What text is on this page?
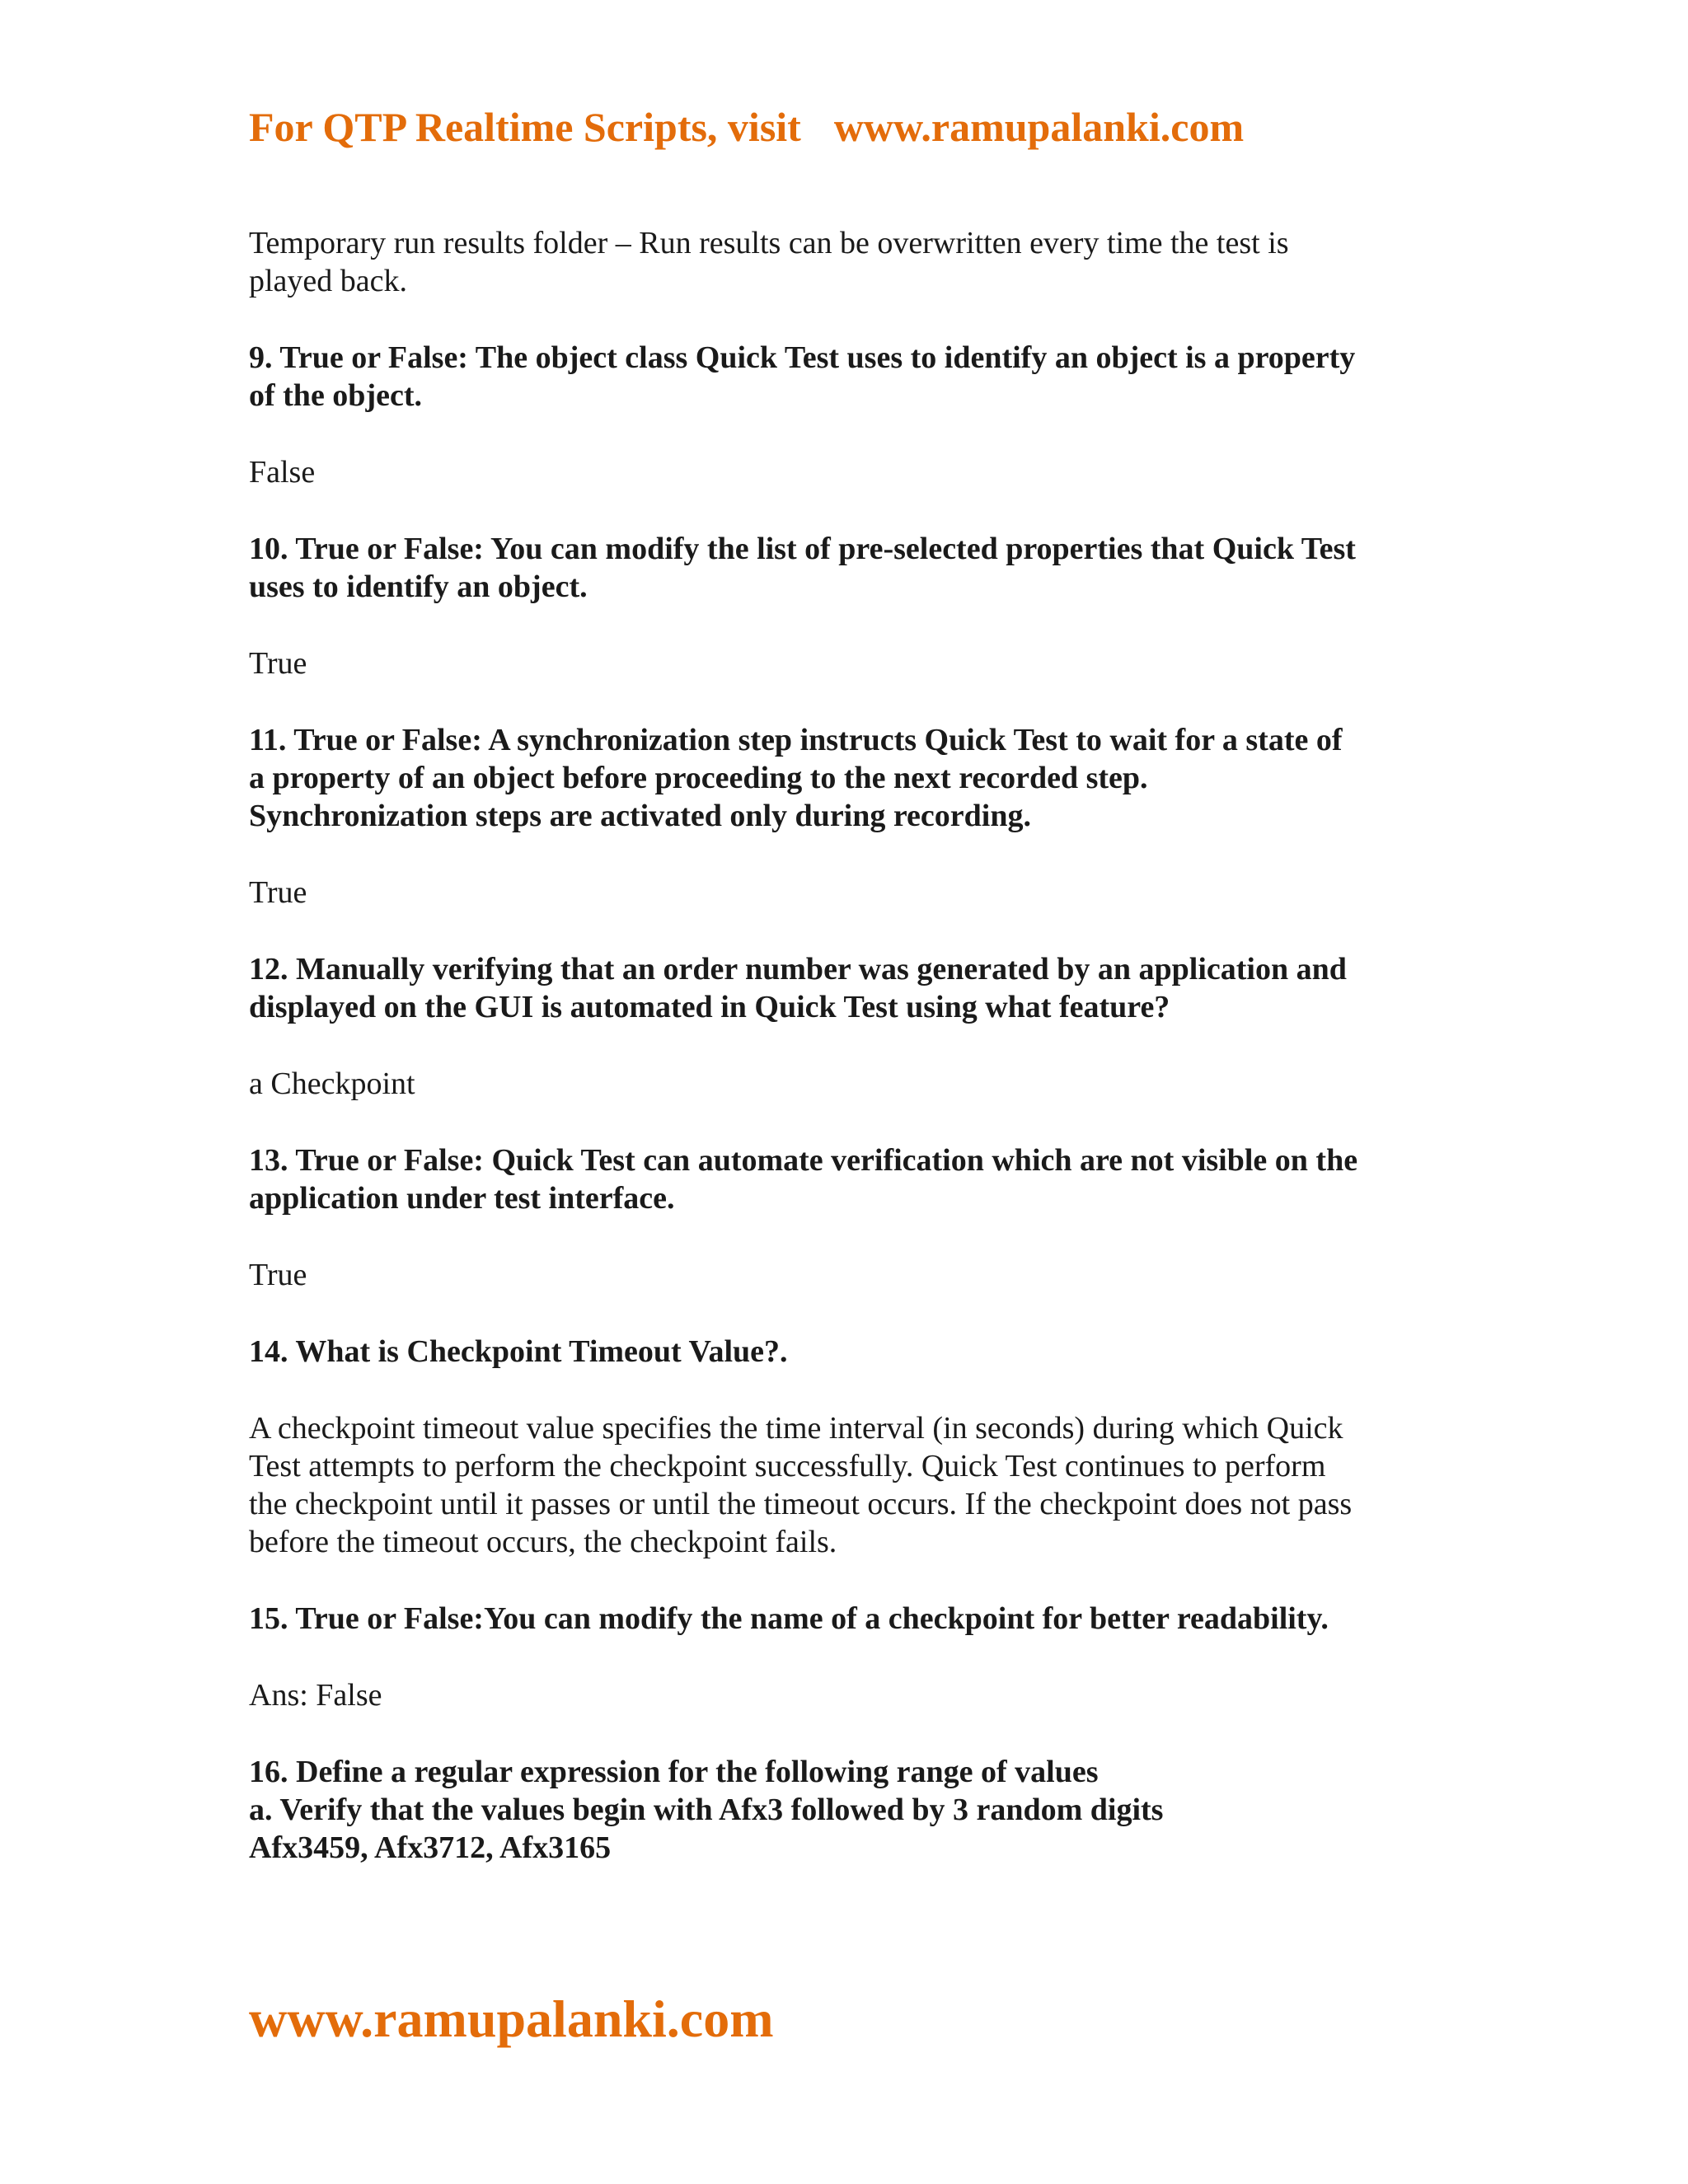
For QTP Realtime Scripts, visit www.ramupalanki.com

Temporary run results folder – Run results can be overwritten every time the test is
played back.

9. True or False: The object class Quick Test uses to identify an object is a property
of the object.

False

10. True or False: You can modify the list of pre-selected properties that Quick Test
uses to identify an object.

True

11. True or False: A synchronization step instructs Quick Test to wait for a state of
a property of an object before proceeding to the next recorded step.
Synchronization steps are activated only during recording.

True

12. Manually verifying that an order number was generated by an application and
displayed on the GUI is automated in Quick Test using what feature?

a Checkpoint

13. True or False: Quick Test can automate verification which are not visible on the
application under test interface.

True

14. What is Checkpoint Timeout Value?.

A checkpoint timeout value specifies the time interval (in seconds) during which Quick
Test attempts to perform the checkpoint successfully. Quick Test continues to perform
the checkpoint until it passes or until the timeout occurs. If the checkpoint does not pass
before the timeout occurs, the checkpoint fails.

15. True or False:You can modify the name of a checkpoint for better readability.

Ans: False

16. Define a regular expression for the following range of values
a. Verify that the values begin with Afx3 followed by 3 random digits
Afx3459, Afx3712, Afx3165

www.ramupalanki.com
